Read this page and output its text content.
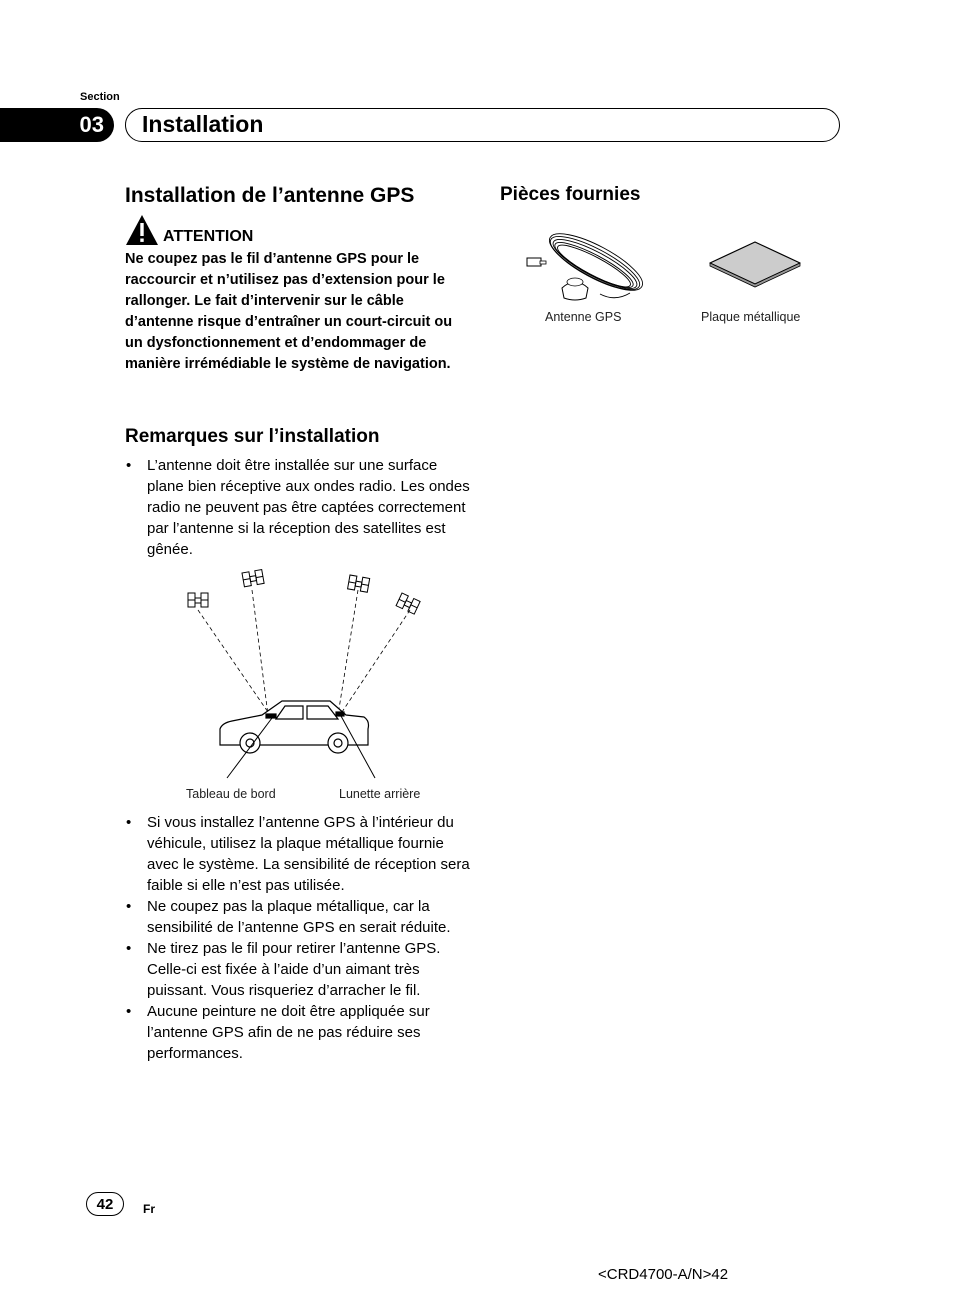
Section
03	Installation
Installation de l’antenne GPS
ATTENTION
Ne coupez pas le fil d’antenne GPS pour le raccourcir et n’utilisez pas d’extension pour le rallonger. Le fait d’intervenir sur le câble d’antenne risque d’entraîner un court-circuit ou un dysfonctionnement et d’endommager de manière irrémédiable le système de navigation.
Remarques sur l’installation
• L’antenne doit être installée sur une surface plane bien réceptive aux ondes radio. Les ondes radio ne peuvent pas être captées correctement par l’antenne si la réception des satellites est gênée.
Tableau de bord	Lunette arrière
• Si vous installez l’antenne GPS à l’intérieur du véhicule, utilisez la plaque métallique fournie avec le système. La sensibilité de réception sera faible si elle n’est pas utilisée.
• Ne coupez pas la plaque métallique, car la sensibilité de l’antenne GPS en serait réduite.
• Ne tirez pas le fil pour retirer l’antenne GPS. Celle-ci est fixée à l’aide d’un aimant très puissant. Vous risqueriez d’arracher le fil.
• Aucune peinture ne doit être appliquée sur l’antenne GPS afin de ne pas réduire ses performances.
Pièces fournies
Antenne GPS	Plaque métallique
42	Fr
<CRD4700-A/N>42
